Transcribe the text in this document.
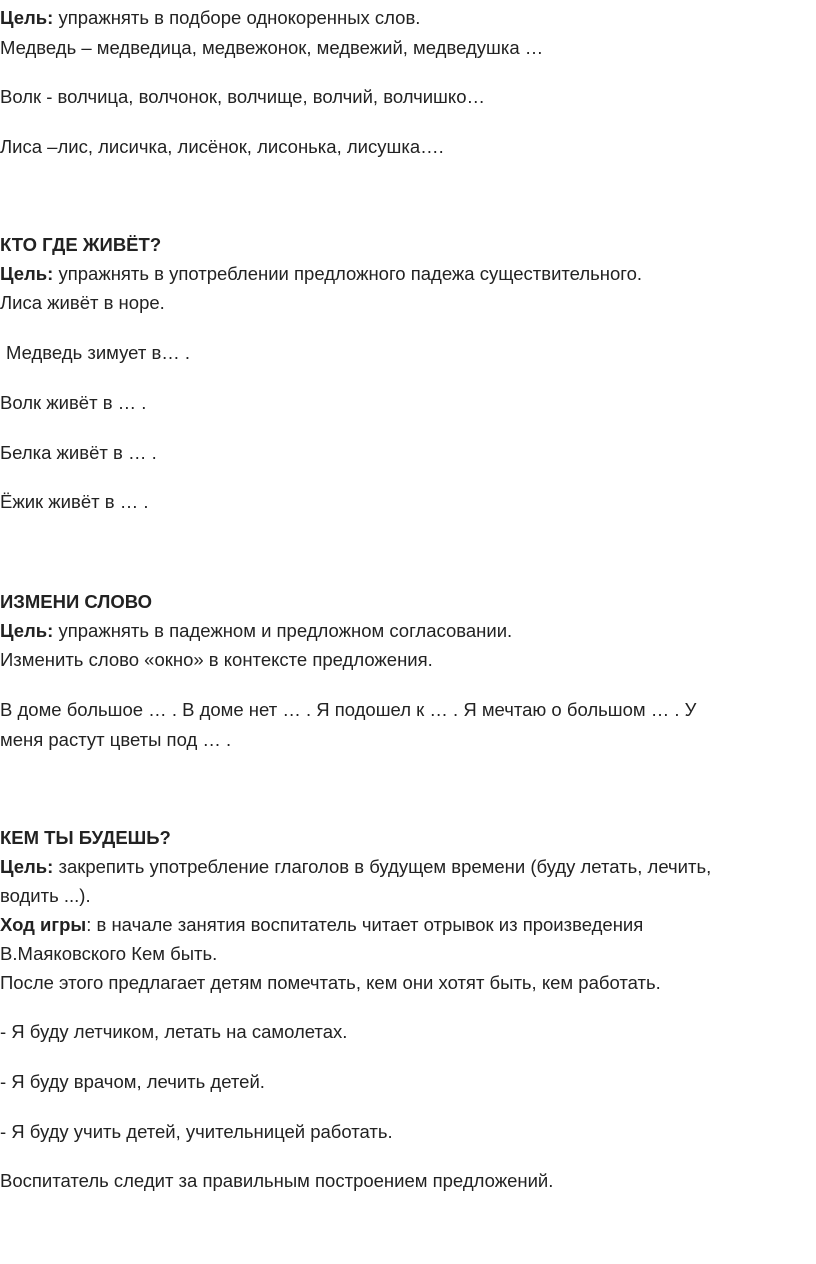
Цель: упражнять в подборе однокоренных слов.

Медведь – медведица, медвежонок, медвежий, медведушка …

Волк - волчица, волчонок, волчище, волчий, волчишко…

Лиса –лис, лисичка, лисёнок, лисонька, лисушка….

КТО ГДЕ ЖИВЁТ?

Цель: упражнять в употреблении предложного падежа существительного.

Лиса живёт в норе.

Медведь зимует в… .

Волк живёт в … .

Белка живёт в … .

Ёжик живёт в … .

ИЗМЕНИ СЛОВО

Цель: упражнять в падежном и предложном согласовании.

Изменить слово «окно» в контексте предложения.

В доме большое … . В доме нет … . Я подошел к … . Я мечтаю о большом … . У

меня растут цветы под … .

КЕМ ТЫ БУДЕШЬ?

Цель: закрепить употребление глаголов в будущем времени (буду летать, лечить,

водить ...).

Ход игры: в начале занятия воспитатель читает отрывок из произведения

В.Маяковского Кем быть.

После этого предлагает детям помечтать, кем они хотят быть, кем работать.

- Я буду летчиком, летать на самолетах.

- Я буду врачом, лечить детей.

- Я буду учить детей, учительницей работать.

Воспитатель следит за правильным построением предложений.
